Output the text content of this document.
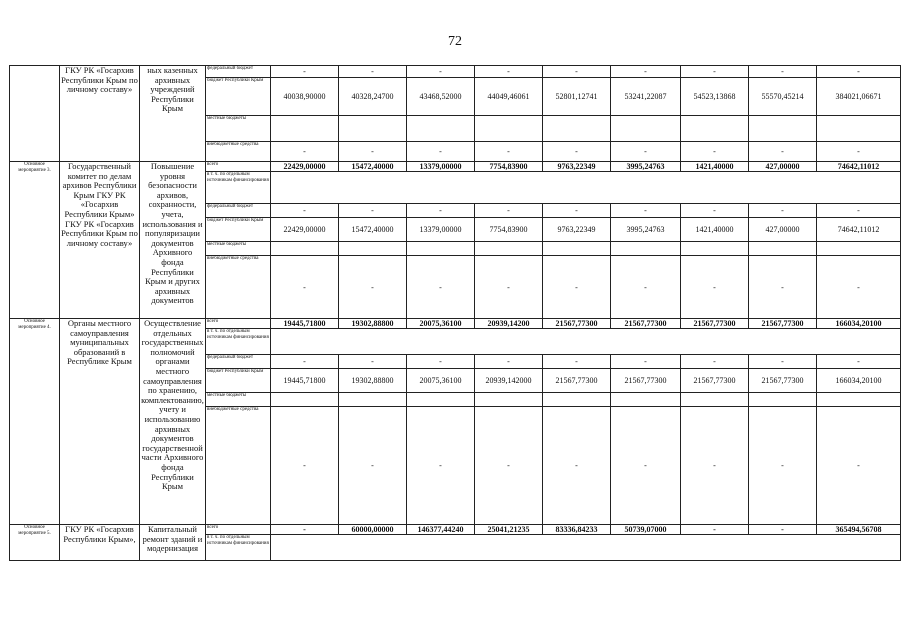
72
	ГКУ РК «Госархив Республики Крым по личному составу»	ных казенных архивных учреждений Республики Крым	федеральный бюджет	-	-	-	-	-	-	-	-	-
			бюджет Республики Крым	40038,90000	40328,24700	43468,52000	44049,46061	52801,12741	53241,22087	54523,13868	55570,45214	384021,06671
			местные бюджеты									
			внебюджетные средства	-	-	-	-	-	-	-	-	-
Основное мероприятие 3.	Государственный комитет по делам архивов Республики Крым ГКУ РК «Госархив Республики Крым» ГКУ РК «Госархив Республики Крым по личному составу»	Повышение уровня безопасности архивов, сохранности, учета, использования и популяризации документов Архивного фонда Республики Крым и других архивных документов	всего	22429,00000	15472,40000	13379,00000	7754,83900	9763,22349	3995,24763	1421,40000	427,00000	74642,11012
			в т. ч. по отдельным источникам финансирования									
			федеральный бюджет	-	-	-	-	-	-	-	-	-
			бюджет Республики Крым	22429,00000	15472,40000	13379,00000	7754,83900	9763,22349	3995,24763	1421,40000	427,00000	74642,11012
			местные бюджеты									
			внебюджетные средства	-	-	-	-	-	-	-	-	-
Основное мероприятие 4.	Органы местного самоуправления муниципальных образований в Республике Крым	Осуществление отдельных государственных полномочий органами местного самоуправления по хранению, комплектованию, учету и использованию архивных документов государственной части Архивного фонда Республики Крым	всего	19445,71800	19302,88800	20075,36100	20939,14200	21567,77300	21567,77300	21567,77300	21567,77300	166034,20100
			в т. ч. по отдельным источникам финансирования									
			федеральный бюджет	-	-	-	-	-	-	-	-	-
			бюджет Республики Крым	19445,71800	19302,88800	20075,36100	20939,142000	21567,77300	21567,77300	21567,77300	21567,77300	166034,20100
			местные бюджеты									
			внебюджетные средства	-	-	-	-	-	-	-	-	-
Основное мероприятие 5.	ГКУ РК «Госархив Республики Крым»,	Капитальный ремонт зданий и модернизация	всего	-	60000,00000	146377,44240	25041,21235	83336,84233	50739,07000	-	-	365494,56708
			в т. ч. по отдельным источникам финансирования									
